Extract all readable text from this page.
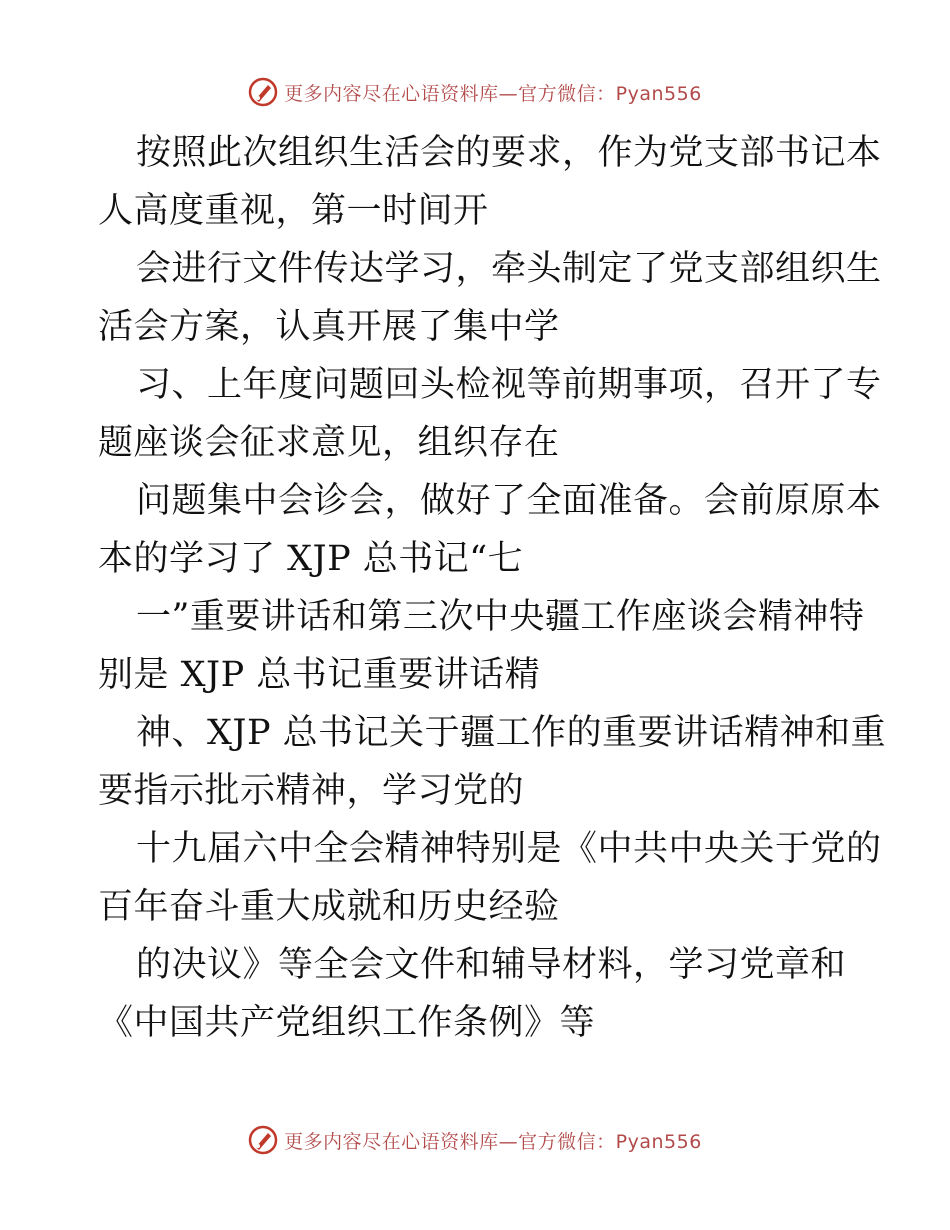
更多内容尽在心语资料库—官方微信：Pyan556
按照此次组织生活会的要求，作为党支部书记本
人高度重视，第一时间开
会进行文件传达学习，牵头制定了党支部组织生
活会方案，认真开展了集中学
习、上年度问题回头检视等前期事项，召开了专
题座谈会征求意见，组织存在
问题集中会诊会，做好了全面准备。会前原原本
本的学习了 XJP 总书记“七
一”重要讲话和第三次中央疆工作座谈会精神特
别是 XJP 总书记重要讲话精
神、XJP 总书记关于疆工作的重要讲话精神和重
要指示批示精神，学习党的
十九届六中全会精神特别是《中共中央关于党的
百年奋斗重大成就和历史经验
的决议》等全会文件和辅导材料，学习党章和
《中国共产党组织工作条例》等
更多内容尽在心语资料库—官方微信：Pyan556
